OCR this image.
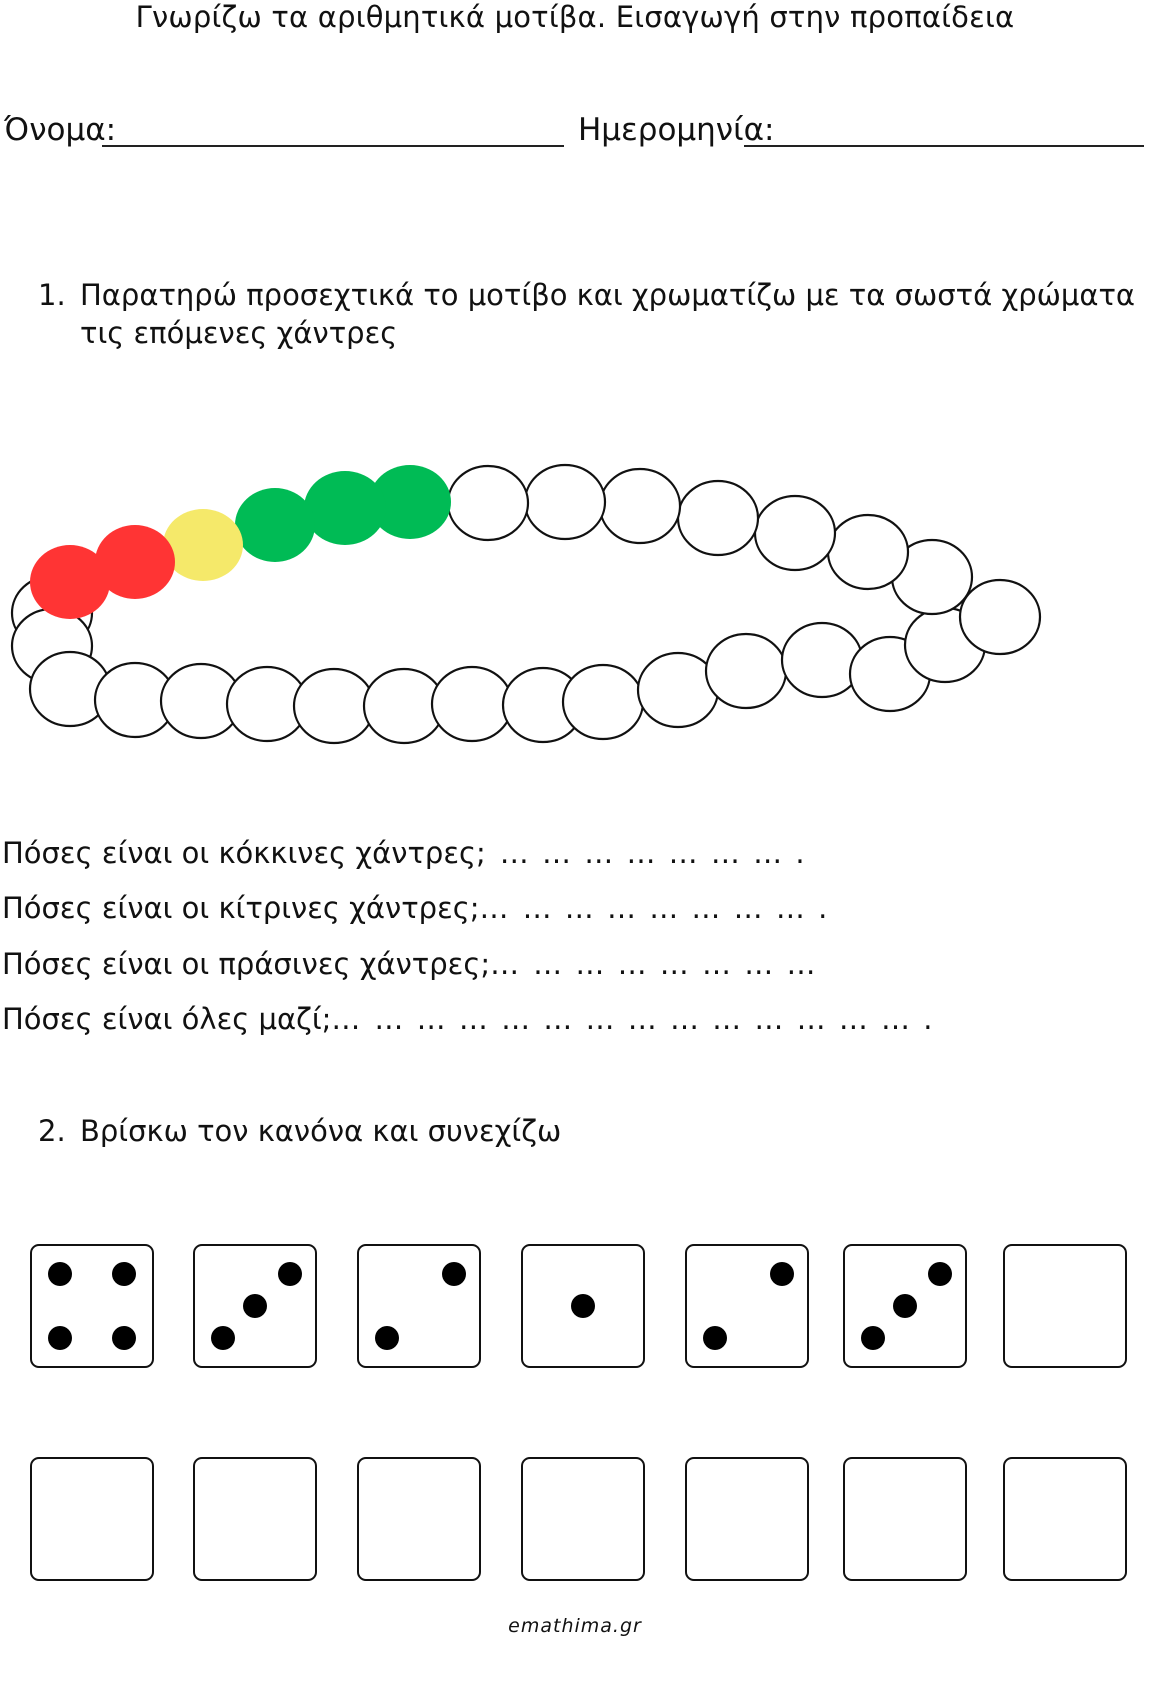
Γνωρίζω τα αριθμητικά μοτίβα. Εισαγωγή στην προπαίδεια
Όνομα:	Ημερομηνία:
1. Παρατηρώ προσεχτικά το μοτίβο και χρωματίζω με τα σωστά χρώματα τις επόμενες χάντρες
Πόσες είναι οι κόκκινες χάντρες; … … … … … … … .
Πόσες είναι οι κίτρινες χάντρες;… … … … … … … … .
Πόσες είναι οι πράσινες χάντρες;… … … … … … … …
Πόσες είναι όλες μαζί;… … … … … … … … … … … … … … .
2. Βρίσκω τον κανόνα και συνεχίζω
emathima.gr
